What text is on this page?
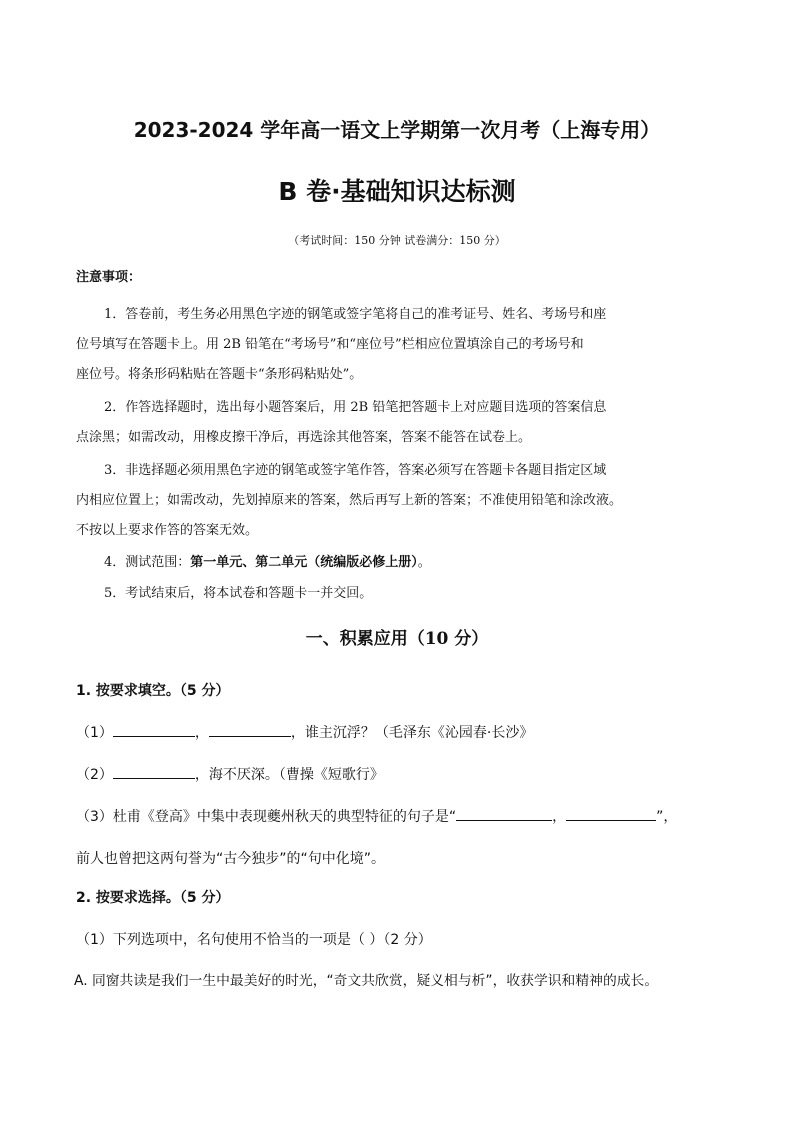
2023-2024 学年高一语文上学期第一次月考（上海专用）
B 卷·基础知识达标测
（考试时间：150 分钟 试卷满分：150 分）
注意事项：
1．答卷前，考生务必用黑色字迹的钢笔或签字笔将自己的准考证号、姓名、考场号和座
位号填写在答题卡上。用 2B 铅笔在“考场号”和“座位号”栏相应位置填涂自己的考场号和
座位号。将条形码粘贴在答题卡“条形码粘贴处”。
2．作答选择题时，选出每小题答案后，用 2B 铅笔把答题卡上对应题目选项的答案信息
点涂黑；如需改动，用橡皮擦干净后，再选涂其他答案，答案不能答在试卷上。
3．非选择题必须用黑色字迹的钢笔或签字笔作答，答案必须写在答题卡各题目指定区域
内相应位置上；如需改动，先划掉原来的答案，然后再写上新的答案；不准使用铅笔和涂改液。
不按以上要求作答的答案无效。
4．测试范围：第一单元、第二单元（统编版必修上册）。
5．考试结束后，将本试卷和答题卡一并交回。
一、积累应用（10 分）
1. 按要求填空。（5 分）
（1）	，	，谁主沉浮？（毛泽东《沁园春·长沙》
（2）	，海不厌深。（曹操《短歌行》
（3）杜甫《登高》中集中表现夔州秋天的典型特征的句子是“	，	”，
前人也曾把这两句誉为“古今独步”的“句中化境”。
2. 按要求选择。（5 分）
（1）下列选项中，名句使用不恰当的一项是（ ）（2 分）
A. 同窗共读是我们一生中最美好的时光，“奇文共欣赏，疑义相与析”，收获学识和精神的成长。
